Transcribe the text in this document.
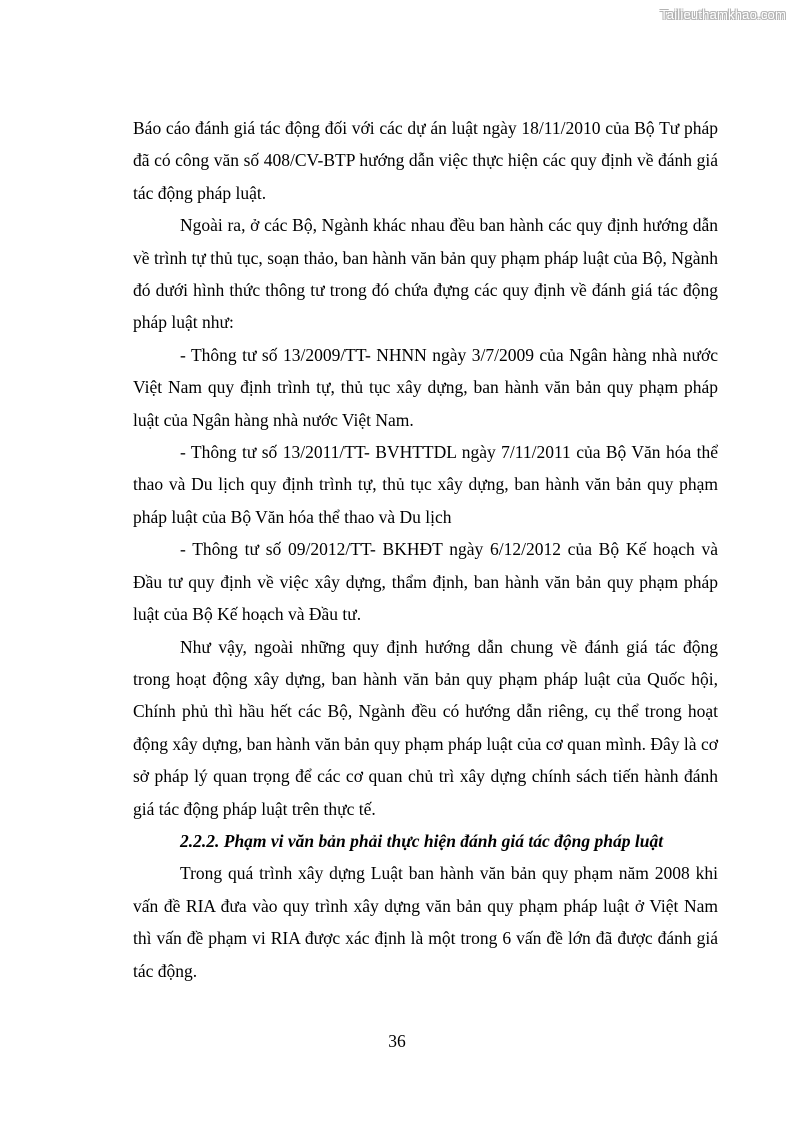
Tailieuthamkhao.com

Báo cáo đánh giá tác động đối với các dự án luật ngày 18/11/2010 của Bộ Tư pháp đã có công văn số 408/CV-BTP hướng dẫn việc thực hiện các quy định về đánh giá tác động pháp luật.

Ngoài ra, ở các Bộ, Ngành khác nhau đều ban hành các quy định hướng dẫn về trình tự thủ tục, soạn thảo, ban hành văn bản quy phạm pháp luật của Bộ, Ngành đó dưới hình thức thông tư trong đó chứa đựng các quy định về đánh giá tác động pháp luật như:

- Thông tư số 13/2009/TT- NHNN ngày 3/7/2009 của Ngân hàng nhà nước Việt Nam quy định trình tự, thủ tục xây dựng, ban hành văn bản quy phạm pháp luật của Ngân hàng nhà nước Việt Nam.

- Thông tư số 13/2011/TT- BVHTTDL ngày 7/11/2011 của Bộ Văn hóa thể thao và Du lịch quy định trình tự, thủ tục xây dựng, ban hành văn bản quy phạm pháp luật của Bộ Văn hóa thể thao và Du lịch

- Thông tư số 09/2012/TT- BKHĐT ngày 6/12/2012 của Bộ Kế hoạch và Đầu tư quy định về việc xây dựng, thẩm định, ban hành văn bản quy phạm pháp luật của Bộ Kế hoạch và Đầu tư.

Như vậy, ngoài những quy định hướng dẫn chung về đánh giá tác động trong hoạt động xây dựng, ban hành văn bản quy phạm pháp luật của Quốc hội, Chính phủ thì hầu hết các Bộ, Ngành đều có hướng dẫn riêng, cụ thể trong hoạt động xây dựng, ban hành văn bản quy phạm pháp luật của cơ quan mình. Đây là cơ sở pháp lý quan trọng để các cơ quan chủ trì xây dựng chính sách tiến hành đánh giá tác động pháp luật trên thực tế.

2.2.2. Phạm vi văn bản phải thực hiện đánh giá tác động pháp luật

Trong quá trình xây dựng Luật ban hành văn bản quy phạm năm 2008 khi vấn đề RIA đưa vào quy trình xây dựng văn bản quy phạm pháp luật ở Việt Nam thì vấn đề phạm vi RIA được xác định là một trong 6 vấn đề lớn đã được đánh giá tác động.

36
